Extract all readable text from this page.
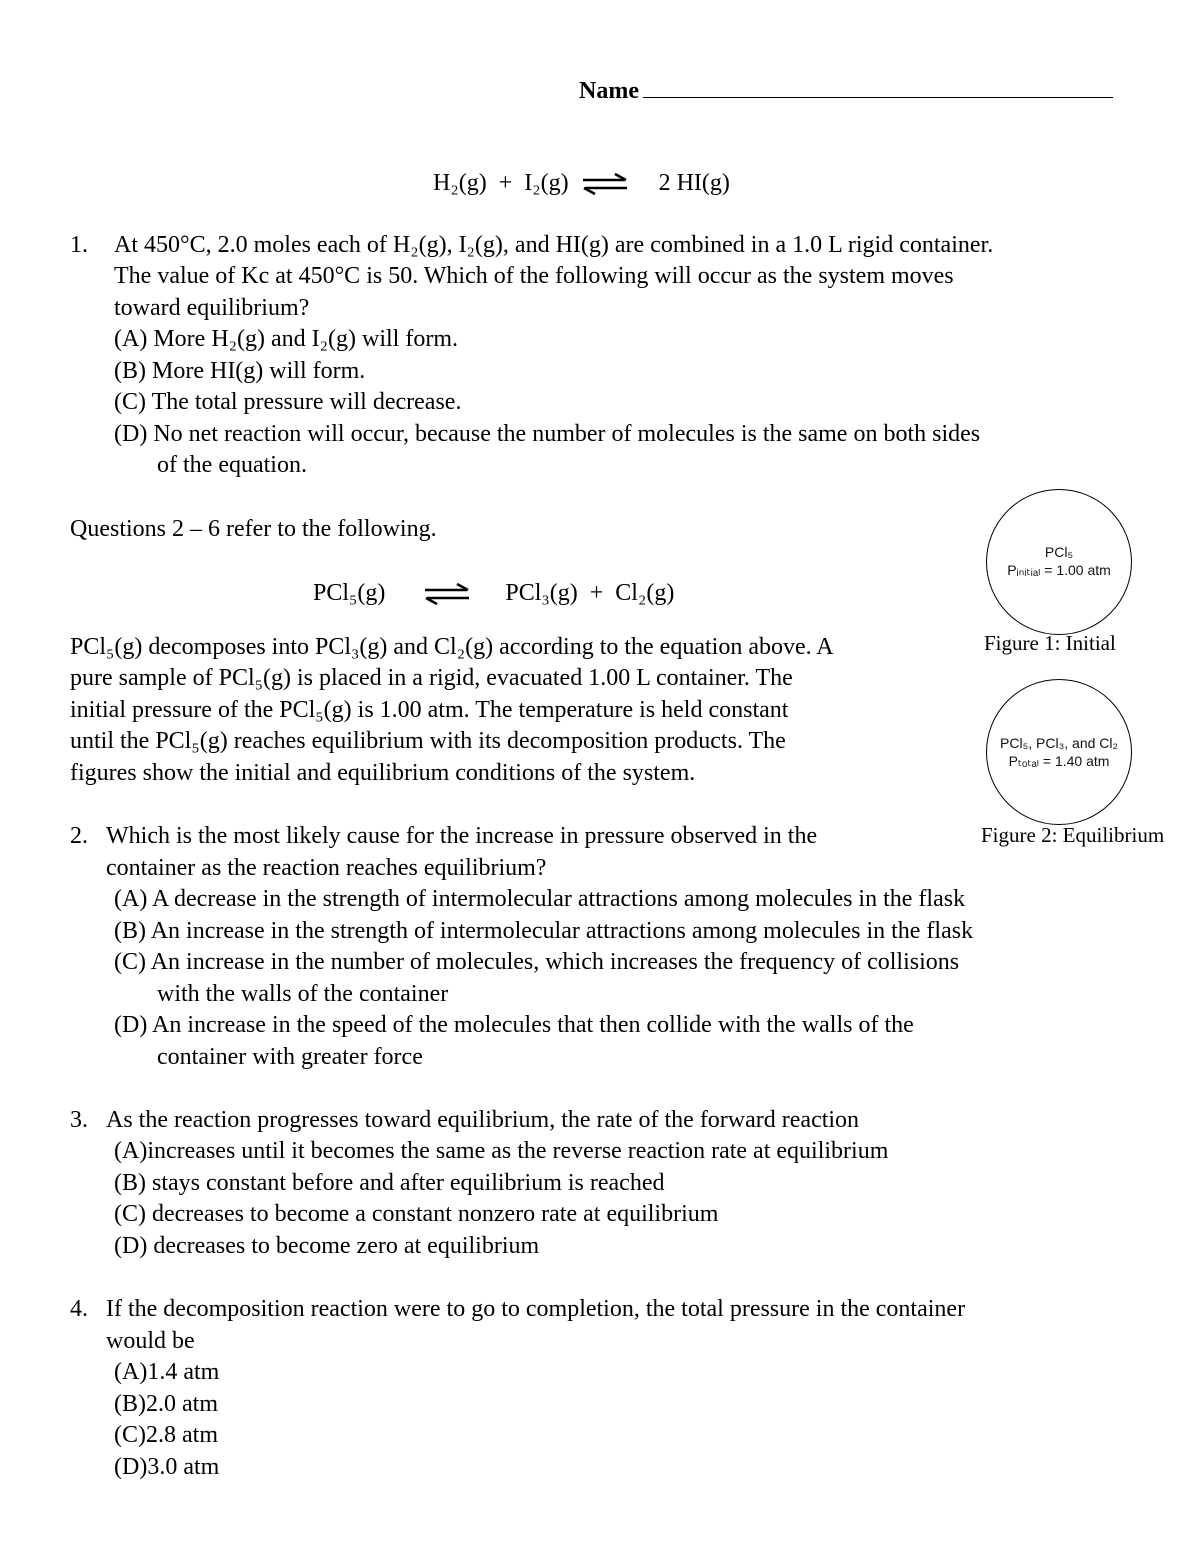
Name
H₂(g)  +  I₂(g) ⇌ 2 HI(g)
1. At 450°C, 2.0 moles each of H₂(g), I₂(g), and HI(g) are combined in a 1.0 L rigid container.
The value of Kc at 450°C is 50. Which of the following will occur as the system moves
toward equilibrium?
(A) More H₂(g) and I₂(g) will form.
(B) More HI(g) will form.
(C) The total pressure will decrease.
(D) No net reaction will occur, because the number of molecules is the same on both sides
of the equation.
Questions 2 – 6 refer to the following.
PCl₅(g) ⇌ PCl₃(g)  +  Cl₂(g)
PCl₅(g) decomposes into PCl₃(g) and Cl₂(g) according to the equation above. A
pure sample of PCl₅(g) is placed in a rigid, evacuated 1.00 L container. The
initial pressure of the PCl₅(g) is 1.00 atm. The temperature is held constant
until the PCl₅(g) reaches equilibrium with its decomposition products. The
figures show the initial and equilibrium conditions of the system.
PCl₅
Pᵢₙᵢₜᵢₐₗ = 1.00 atm
Figure 1: Initial
PCl₅, PCl₃, and Cl₂
Pₜₒₜₐₗ = 1.40 atm
Figure 2: Equilibrium
2. Which is the most likely cause for the increase in pressure observed in the
container as the reaction reaches equilibrium?
(A) A decrease in the strength of intermolecular attractions among molecules in the flask
(B) An increase in the strength of intermolecular attractions among molecules in the flask
(C) An increase in the number of molecules, which increases the frequency of collisions
with the walls of the container
(D) An increase in the speed of the molecules that then collide with the walls of the
container with greater force
3. As the reaction progresses toward equilibrium, the rate of the forward reaction
(A)increases until it becomes the same as the reverse reaction rate at equilibrium
(B) stays constant before and after equilibrium is reached
(C) decreases to become a constant nonzero rate at equilibrium
(D) decreases to become zero at equilibrium
4. If the decomposition reaction were to go to completion, the total pressure in the container
would be
(A)1.4 atm
(B)2.0 atm
(C)2.8 atm
(D)3.0 atm
